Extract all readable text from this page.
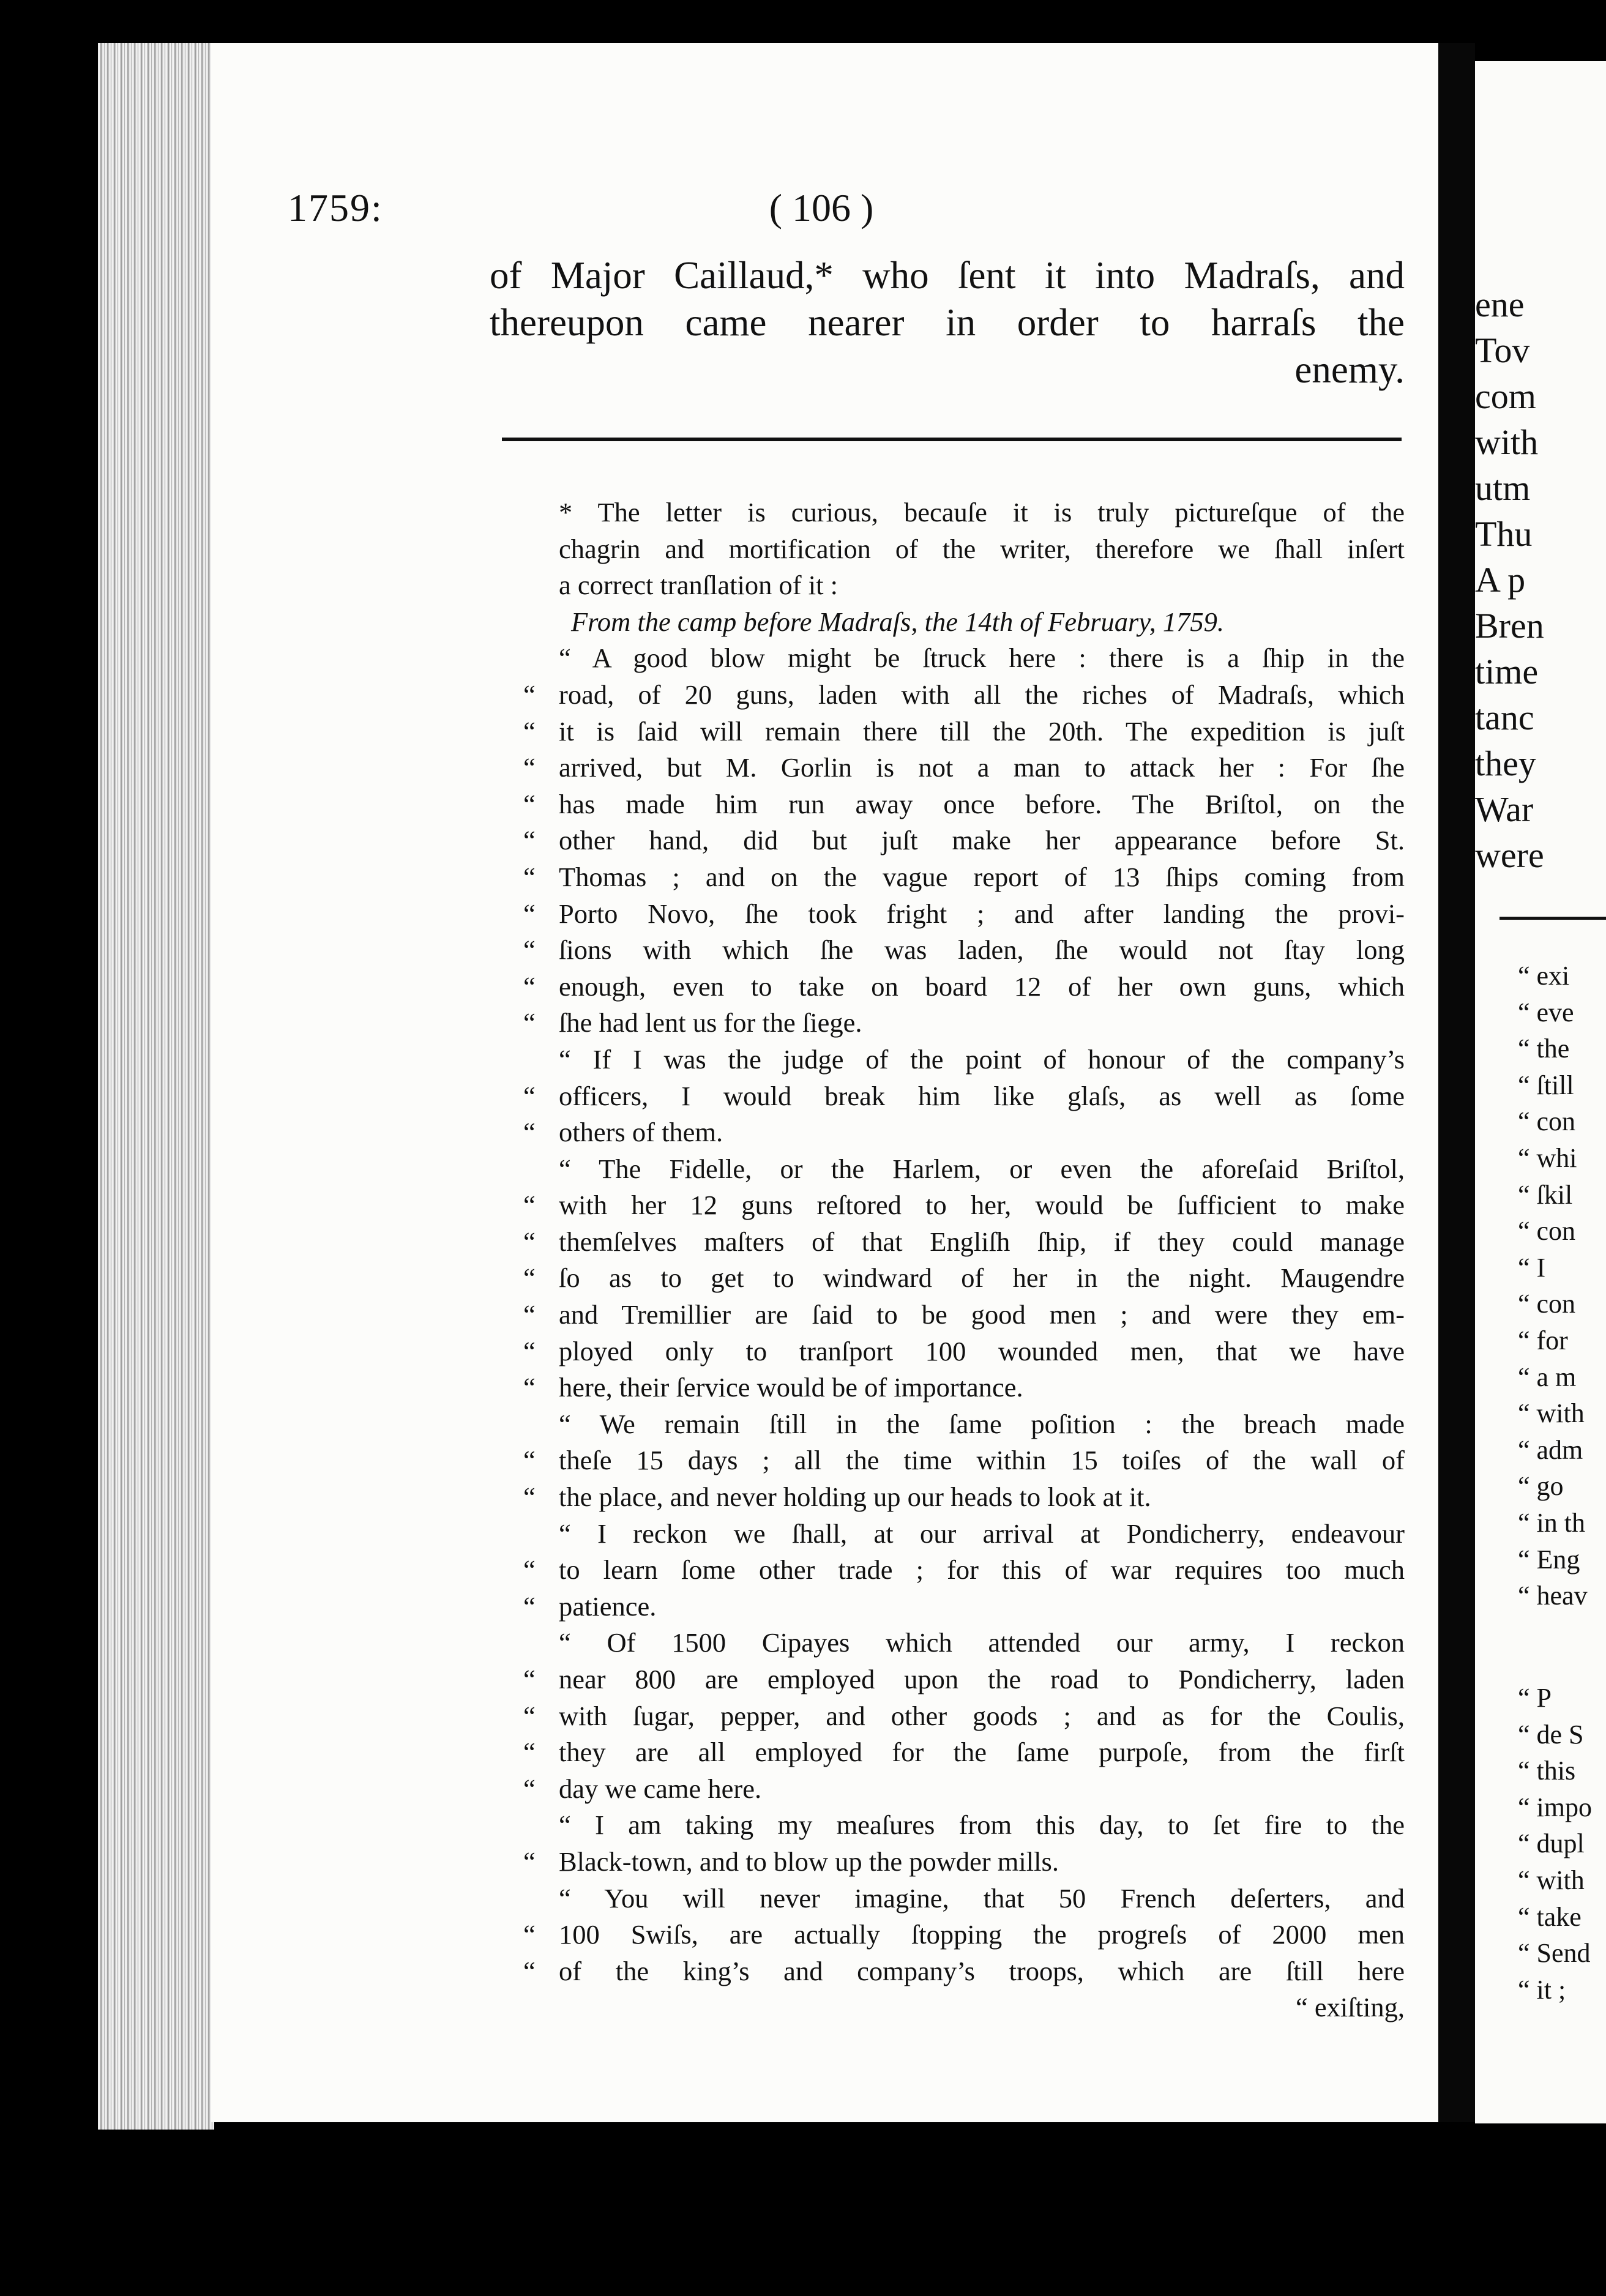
1759:	( 106 )
of Major Caillaud,* who ſent it into Madraſs, and
thereupon came nearer in order to harraſs the
enemy.
* The letter is curious, becauſe it is truly pictureſque of the
chagrin and mortification of the writer, therefore we ſhall inſert
a correct tranſlation of it :
From the camp before Madraſs, the 14th of February, 1759.
“ A good blow might be ſtruck here : there is a ſhip in the
“ road, of 20 guns, laden with all the riches of Madraſs, which
“ it is ſaid will remain there till the 20th. The expedition is juſt
“ arrived, but M. Gorlin is not a man to attack her : For ſhe
“ has made him run away once before. The Briſtol, on the
“ other hand, did but juſt make her appearance before St.
“ Thomas ; and on the vague report of 13 ſhips coming from
“ Porto Novo, ſhe took fright ; and after landing the provi-
“ ſions with which ſhe was laden, ſhe would not ſtay long
“ enough, even to take on board 12 of her own guns, which
“ ſhe had lent us for the ſiege.
“ If I was the judge of the point of honour of the company’s
“ officers, I would break him like glaſs, as well as ſome
“ others of them.
“ The Fidelle, or the Harlem, or even the aforeſaid Briſtol,
“ with her 12 guns reſtored to her, would be ſufficient to make
“ themſelves maſters of that Engliſh ſhip, if they could manage
“ ſo as to get to windward of her in the night. Maugendre
“ and Tremillier are ſaid to be good men ; and were they em-
“ ployed only to tranſport 100 wounded men, that we have
“ here, their ſervice would be of importance.
“ We remain ſtill in the ſame poſition : the breach made
“ theſe 15 days ; all the time within 15 toiſes of the wall of
“ the place, and never holding up our heads to look at it.
“ I reckon we ſhall, at our arrival at Pondicherry, endeavour
“ to learn ſome other trade ; for this of war requires too much
“ patience.
“ Of 1500 Cipayes which attended our army, I reckon
“ near 800 are employed upon the road to Pondicherry, laden
“ with ſugar, pepper, and other goods ; and as for the Coulis,
“ they are all employed for the ſame purpoſe, from the firſt
“ day we came here.
“ I am taking my meaſures from this day, to ſet fire to the
“ Black-town, and to blow up the powder mills.
“ You will never imagine, that 50 French deſerters, and
“ 100 Swiſs, are actually ſtopping the progreſs of 2000 men
“ of the king’s and company’s troops, which are ſtill here
“ exiſting,
ene
Tov
com
with
utm
Thu
A p
Bren
time
tanc
they
War
were
“ exi
“ eve
“ the
“ ſtill
“ con
“ whi
“ ſkil
“ con
“ I
“ con
“ for
“ a m
“ with
“ adm
“ go
“ in th
“ Eng
“ heav
“ P
“ de S
“ this
“ impo
“ dupl
“ with
“ take
“ Send
“ it ;
